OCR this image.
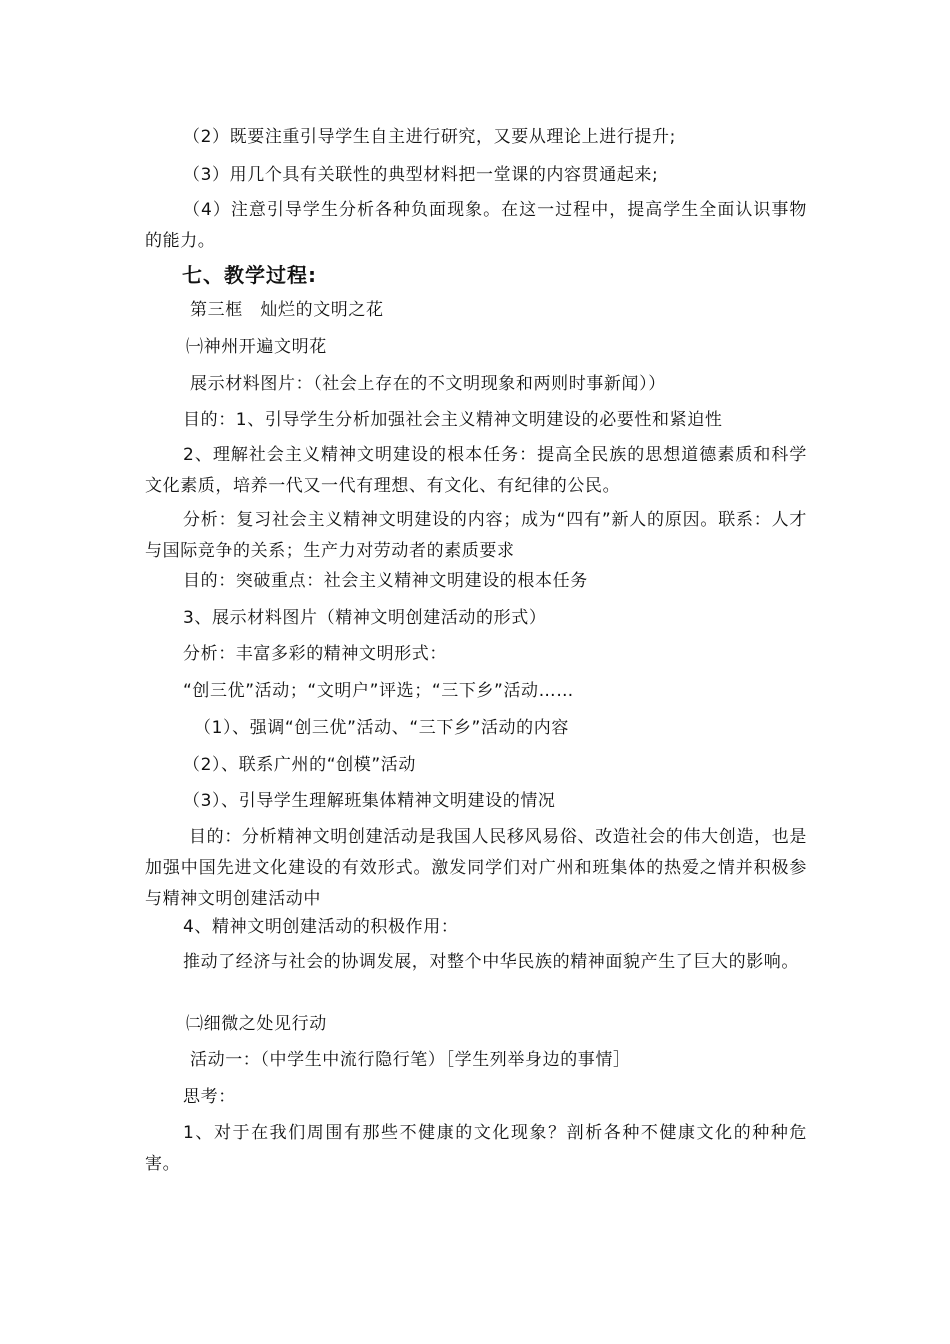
（2）既要注重引导学生自主进行研究，又要从理论上进行提升;
（3）用几个具有关联性的典型材料把一堂课的内容贯通起来;
（4）注意引导学生分析各种负面现象。在这一过程中，提高学生全面认识事物的能力。
七、教学过程:
第三框　灿烂的文明之花
㈠神州开遍文明花
展示材料图片：（社会上存在的不文明现象和两则时事新闻））
目的：1、引导学生分析加强社会主义精神文明建设的必要性和紧迫性
2、理解社会主义精神文明建设的根本任务：提高全民族的思想道德素质和科学文化素质，培养一代又一代有理想、有文化、有纪律的公民。
分析：复习社会主义精神文明建设的内容；成为“四有”新人的原因。联系：人才与国际竞争的关系；生产力对劳动者的素质要求
目的：突破重点：社会主义精神文明建设的根本任务
3、展示材料图片（精神文明创建活动的形式）
分析：丰富多彩的精神文明形式：
“创三优”活动；“文明户”评选；“三下乡”活动……
（1）、强调“创三优”活动、“三下乡”活动的内容
（2）、联系广州的“创模”活动
（3）、引导学生理解班集体精神文明建设的情况
目的：分析精神文明创建活动是我国人民移风易俗、改造社会的伟大创造，也是加强中国先进文化建设的有效形式。激发同学们对广州和班集体的热爱之情并积极参与精神文明创建活动中
4、精神文明创建活动的积极作用：
推动了经济与社会的协调发展，对整个中华民族的精神面貌产生了巨大的影响。
㈡细微之处见行动
活动一：（中学生中流行隐行笔）［学生列举身边的事情］
思考：
1、对于在我们周围有那些不健康的文化现象？剖析各种不健康文化的种种危害。
